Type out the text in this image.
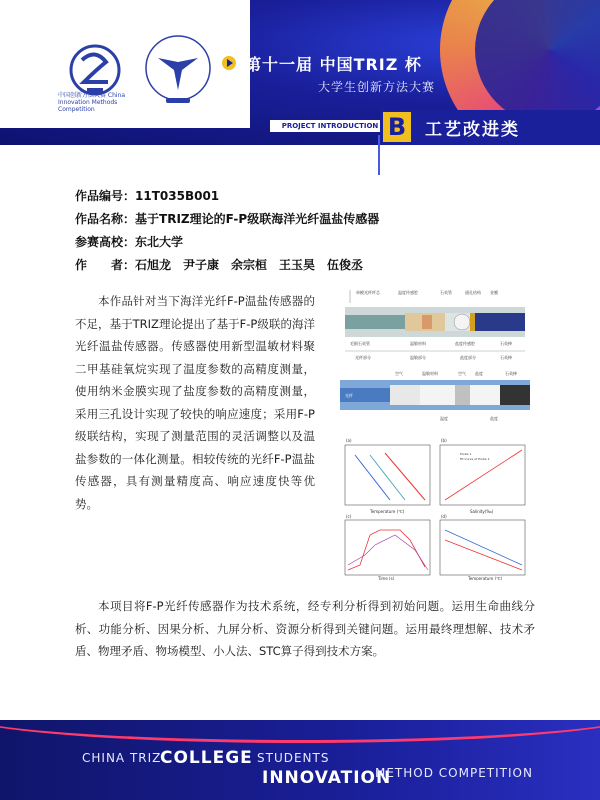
中国创新方法大赛 China Innovation Methods Competition
第十一届 中国TRIZ 杯
大学生创新方法大赛
PROJECT INTRODUCTION B 工艺改进类
作品编号：11T035B001
作品名称：基于TRIZ理论的F-P级联海洋光纤温盐传感器
参赛高校：东北大学
作　　者：石旭龙　尹子康　余宗桓　王玉昊　伍俊丞
本作品针对当下海洋光纤F-P温盐传感器的不足，基于TRIZ理论提出了基于F-P级联的海洋光纤温盐传感器。传感器使用新型温敏材料聚二甲基硅氧烷实现了温度参数的高精度测量，使用纳米金膜实现了盐度参数的高精度测量，采用三孔设计实现了较快的响应速度；采用F-P级联结构，实现了测量范围的灵活调整以及温盐参数的一体化测量。相较传统的光纤F-P温盐传感器，具有测量精度高、响应速度快等优势。
单模光纤纤芯	温度传感腔	石英管	通孔结构 金膜
毛细石英管	温敏材料	盐度传感腔	石英棒
光纤部分	温敏部分	盐度部分	石英棒
光纤
空气	温敏材料	空气 盐度	石英棒
温度	盐度
(a)
Temperature (℃)
(b)
Probe 1
Fit Curve of Probe 1
Salinity(‰)
(c)
Time (s)
(d)
Temperature (℃)
本项目将F-P光纤传感器作为技术系统，经专利分析得到初始问题。运用生命曲线分析、功能分析、因果分析、九屏分析、资源分析得到关键问题。运用最终理想解、技术矛盾、物理矛盾、物场模型、小人法、STC算子得到技术方案。
CHINA TRIZ
COLLEGE STUDENTS
INNOVATION
METHOD COMPETITION
